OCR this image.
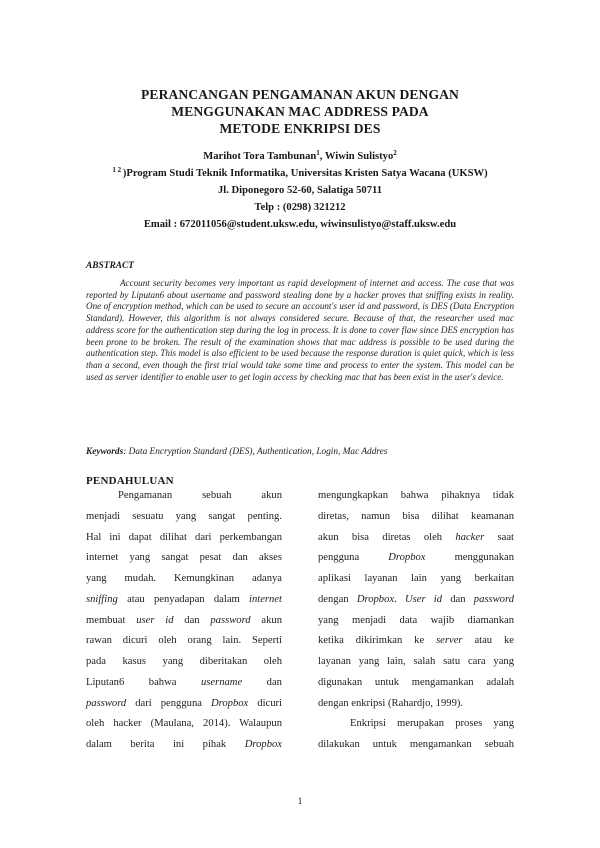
PERANCANGAN PENGAMANAN AKUN DENGAN
MENGGUNAKAN MAC ADDRESS PADA
METODE ENKRIPSI DES
Marihot Tora Tambunan$^1$, Wiwin Sulistyo$^2$
$^{1 2}$ )Program Studi Teknik Informatika, Universitas Kristen Satya Wacana (UKSW)
Jl. Diponegoro 52-60, Salatiga 50711
Telp : (0298) 321212
Email : 672011056@student.uksw.edu, wiwinsulistyo@staff.uksw.edu
ABSTRACT
Account security becomes very important as rapid development of internet and access. The case that was reported by Liputan6 about username and password stealing done by a hacker proves that sniffing exists in reality. One of encryption method, which can be used to secure an account's user id and password, is DES (Data Encryption Standard). However, this algorithm is not always considered secure. Because of that, the researcher used mac address score for the authentication step during the log in process. It is done to cover flaw since DES encryption has been prone to be broken. The result of the examination shows that mac address is possible to be used during the authentication step. This model is also efficient to be used because the response duration is quiet quick, which is less than a second, even though the first trial would take some time and process to enter the system. This model can be used as server identifier to enable user to get login access by checking mac that has been exist in the user's device.
Keywords: Data Encryption Standard (DES), Authentication, Login, Mac Addres
PENDAHULUAN
Pengamanan	sebuah	akun
menjadi sesuatu yang sangat penting.
Hal ini dapat dilihat dari perkembangan
internet yang sangat pesat dan akses
yang mudah. Kemungkinan adanya
sniffing atau penyadapan dalam internet
membuat user id dan password akun
rawan dicuri oleh orang lain. Seperti
pada kasus yang diberitakan oleh
Liputan6 bahwa username dan
password dari pengguna Dropbox dicuri
oleh hacker (Maulana, 2014). Walaupun
dalam berita ini pihak Dropbox
mengungkapkan bahwa pihaknya tidak
diretas, namun bisa dilihat keamanan
akun bisa diretas oleh hacker saat
pengguna Dropbox menggunakan
aplikasi layanan lain yang berkaitan
dengan Dropbox. User id dan password
yang menjadi data wajib diamankan
ketika dikirimkan ke server atau ke
layanan yang lain, salah satu cara yang
digunakan untuk mengamankan adalah
dengan enkripsi (Rahardjo, 1999).
Enkripsi merupakan proses yang
dilakukan untuk mengamankan sebuah
1
